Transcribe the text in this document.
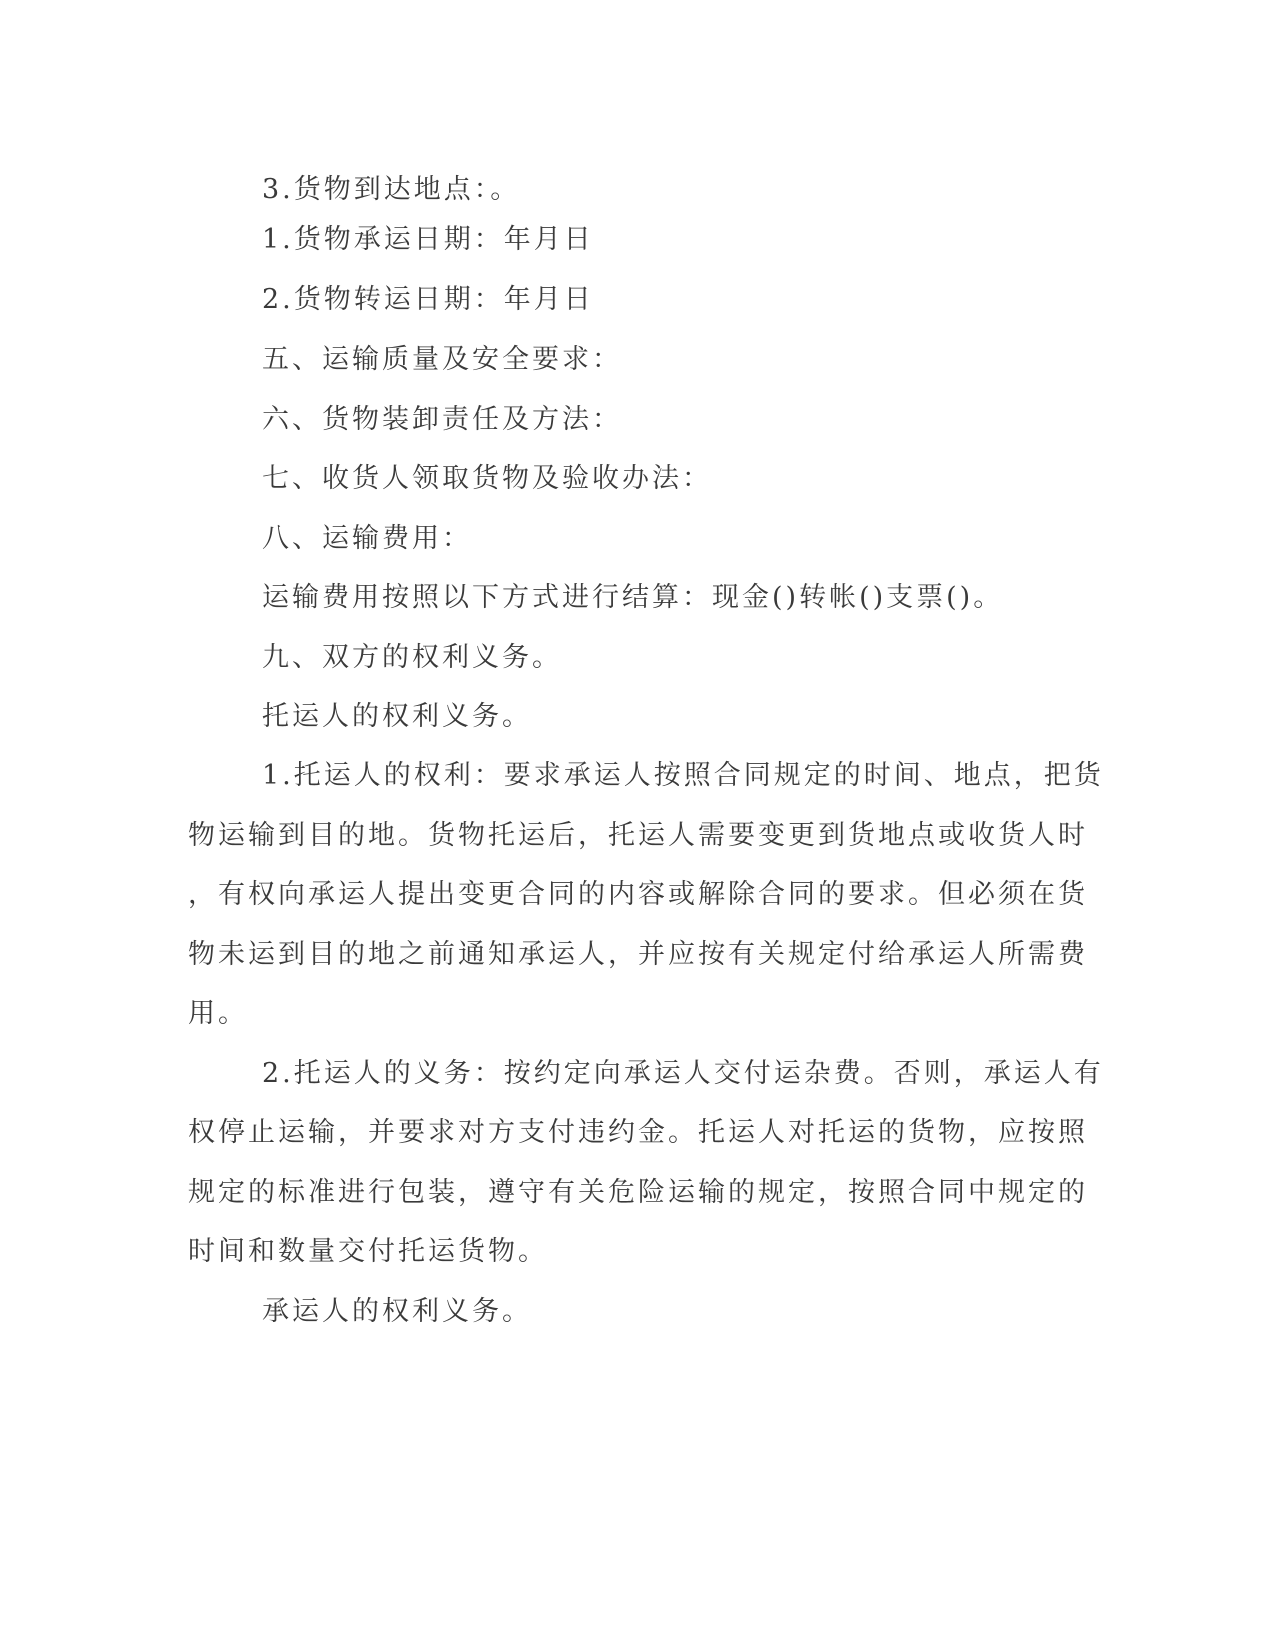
3.货物到达地点：。
1.货物承运日期：年月日
2.货物转运日期：年月日
五、运输质量及安全要求：
六、货物装卸责任及方法：
七、收货人领取货物及验收办法：
八、运输费用：
运输费用按照以下方式进行结算：现金()转帐()支票()。
九、双方的权利义务。
托运人的权利义务。
1.托运人的权利：要求承运人按照合同规定的时间、地点，把货
物运输到目的地。货物托运后，托运人需要变更到货地点或收货人时
，有权向承运人提出变更合同的内容或解除合同的要求。但必须在货
物未运到目的地之前通知承运人，并应按有关规定付给承运人所需费
用。
2.托运人的义务：按约定向承运人交付运杂费。否则，承运人有
权停止运输，并要求对方支付违约金。托运人对托运的货物，应按照
规定的标准进行包装，遵守有关危险运输的规定，按照合同中规定的
时间和数量交付托运货物。
承运人的权利义务。
